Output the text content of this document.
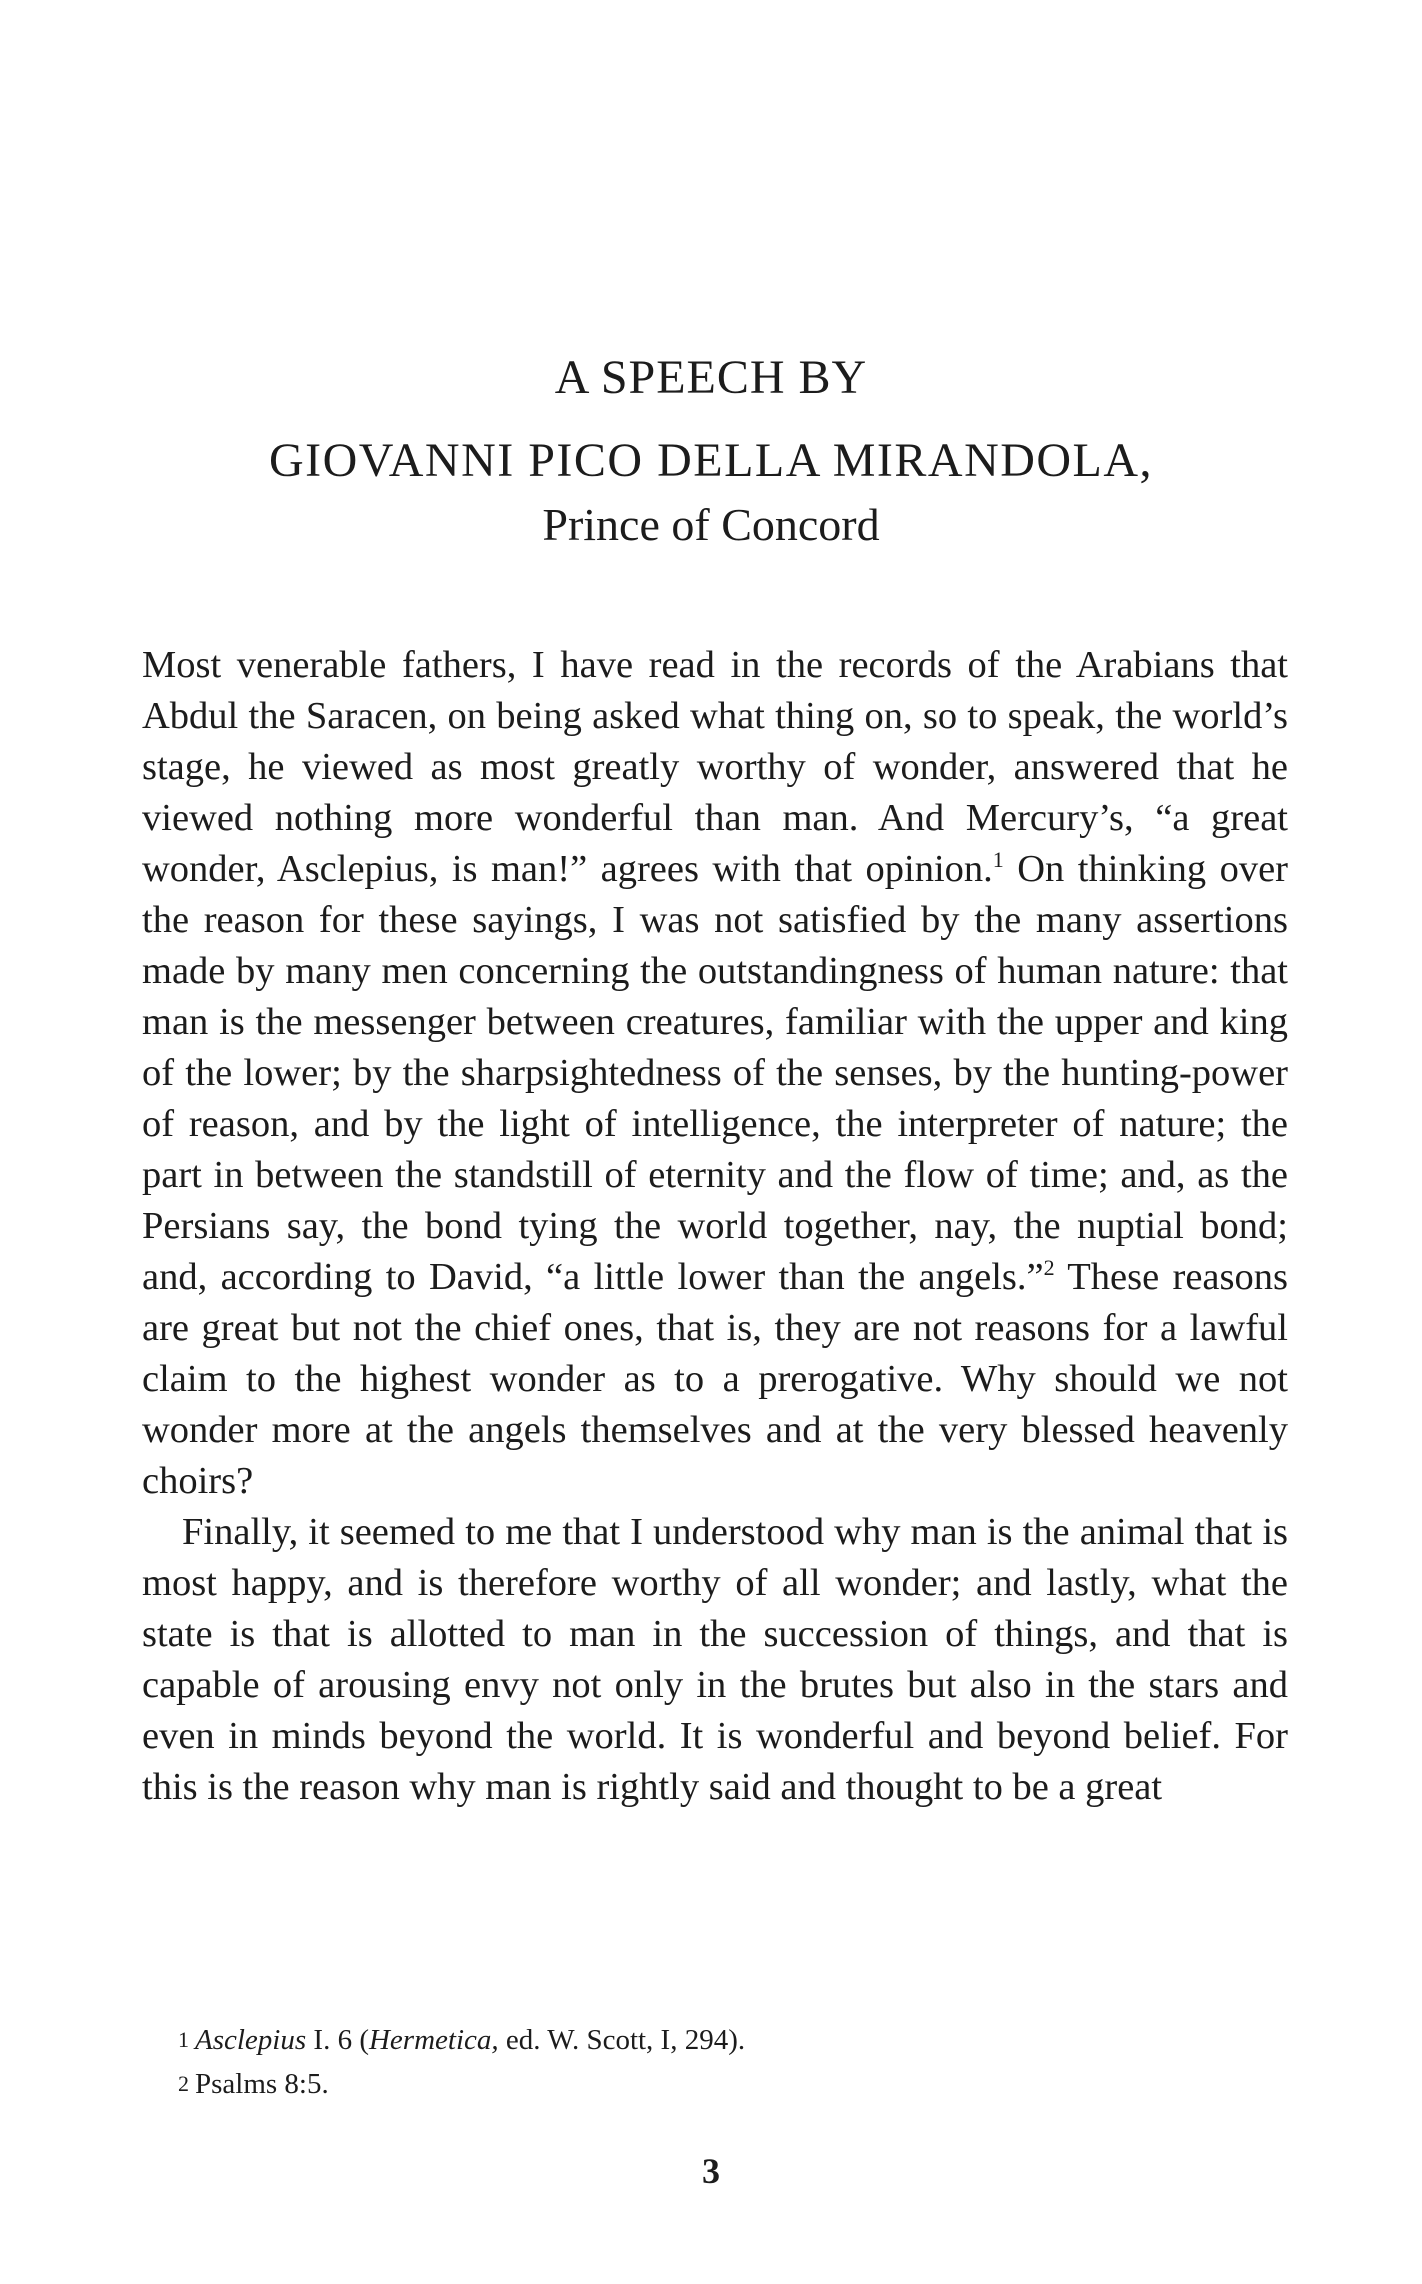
A SPEECH BY
GIOVANNI PICO DELLA MIRANDOLA,
Prince of Concord

Most venerable fathers, I have read in the records of the Arabians that Abdul the Saracen, on being asked what thing on, so to speak, the world’s stage, he viewed as most greatly worthy of wonder, answered that he viewed nothing more wonderful than man. And Mercury’s, “a great wonder, Asclepius, is man!” agrees with that opinion.$^1$ On thinking over the reason for these sayings, I was not satisfied by the many assertions made by many men concerning the outstandingness of human nature: that man is the messenger between creatures, familiar with the upper and king of the lower; by the sharpsightedness of the senses, by the hunting-power of reason, and by the light of intelligence, the interpreter of nature; the part in between the standstill of eternity and the flow of time; and, as the Persians say, the bond tying the world together, nay, the nuptial bond; and, according to David, “a little lower than the angels.”$^2$ These reasons are great but not the chief ones, that is, they are not reasons for a lawful claim to the highest wonder as to a prerogative. Why should we not wonder more at the angels themselves and at the very blessed heavenly choirs?

Finally, it seemed to me that I understood why man is the animal that is most happy, and is therefore worthy of all wonder; and lastly, what the state is that is allotted to man in the succession of things, and that is capable of arousing envy not only in the brutes but also in the stars and even in minds beyond the world. It is wonderful and beyond belief. For this is the reason why man is rightly said and thought to be a great

$^1$ Asclepius I. 6 (Hermetica, ed. W. Scott, I, 294).

$^2$ Psalms 8:5.

3
